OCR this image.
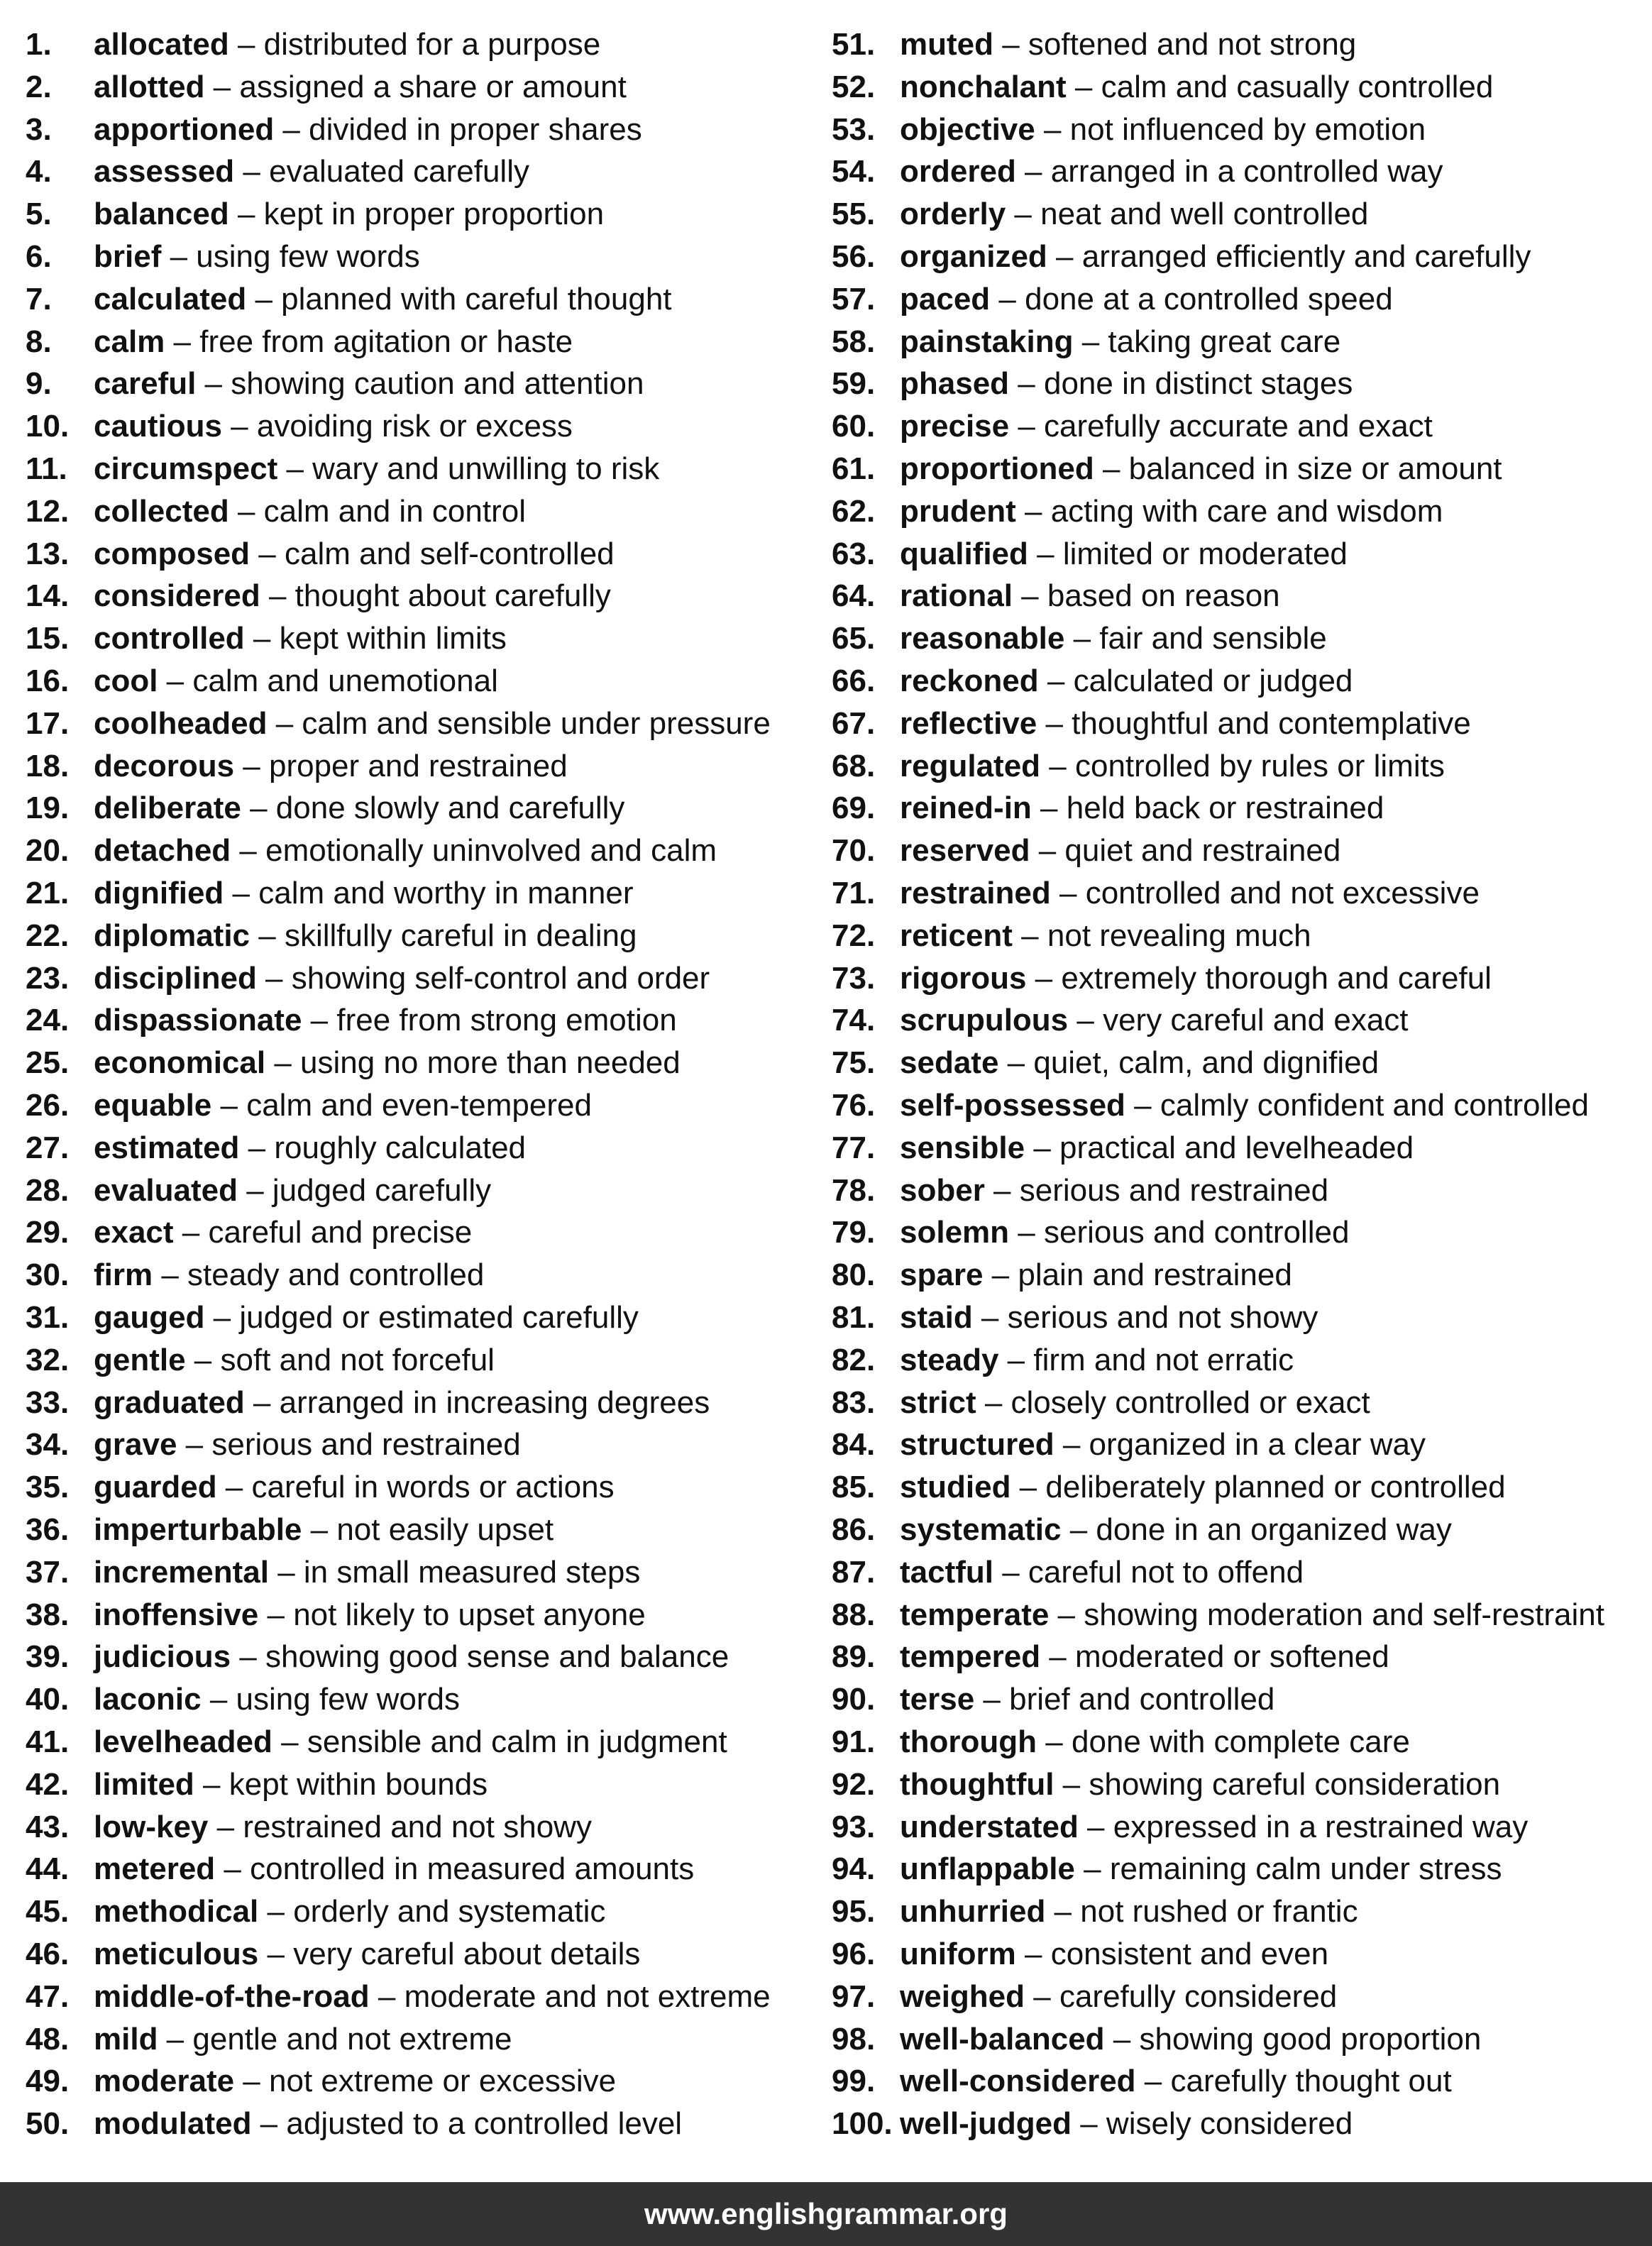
1. allocated – distributed for a purpose
2. allotted – assigned a share or amount
3. apportioned – divided in proper shares
4. assessed – evaluated carefully
5. balanced – kept in proper proportion
6. brief – using few words
7. calculated – planned with careful thought
8. calm – free from agitation or haste
9. careful – showing caution and attention
10. cautious – avoiding risk or excess
11. circumspect – wary and unwilling to risk
12. collected – calm and in control
13. composed – calm and self-controlled
14. considered – thought about carefully
15. controlled – kept within limits
16. cool – calm and unemotional
17. coolheaded – calm and sensible under pressure
18. decorous – proper and restrained
19. deliberate – done slowly and carefully
20. detached – emotionally uninvolved and calm
21. dignified – calm and worthy in manner
22. diplomatic – skillfully careful in dealing
23. disciplined – showing self-control and order
24. dispassionate – free from strong emotion
25. economical – using no more than needed
26. equable – calm and even-tempered
27. estimated – roughly calculated
28. evaluated – judged carefully
29. exact – careful and precise
30. firm – steady and controlled
31. gauged – judged or estimated carefully
32. gentle – soft and not forceful
33. graduated – arranged in increasing degrees
34. grave – serious and restrained
35. guarded – careful in words or actions
36. imperturbable – not easily upset
37. incremental – in small measured steps
38. inoffensive – not likely to upset anyone
39. judicious – showing good sense and balance
40. laconic – using few words
41. levelheaded – sensible and calm in judgment
42. limited – kept within bounds
43. low-key – restrained and not showy
44. metered – controlled in measured amounts
45. methodical – orderly and systematic
46. meticulous – very careful about details
47. middle-of-the-road – moderate and not extreme
48. mild – gentle and not extreme
49. moderate – not extreme or excessive
50. modulated – adjusted to a controlled level
51. muted – softened and not strong
52. nonchalant – calm and casually controlled
53. objective – not influenced by emotion
54. ordered – arranged in a controlled way
55. orderly – neat and well controlled
56. organized – arranged efficiently and carefully
57. paced – done at a controlled speed
58. painstaking – taking great care
59. phased – done in distinct stages
60. precise – carefully accurate and exact
61. proportioned – balanced in size or amount
62. prudent – acting with care and wisdom
63. qualified – limited or moderated
64. rational – based on reason
65. reasonable – fair and sensible
66. reckoned – calculated or judged
67. reflective – thoughtful and contemplative
68. regulated – controlled by rules or limits
69. reined-in – held back or restrained
70. reserved – quiet and restrained
71. restrained – controlled and not excessive
72. reticent – not revealing much
73. rigorous – extremely thorough and careful
74. scrupulous – very careful and exact
75. sedate – quiet, calm, and dignified
76. self-possessed – calmly confident and controlled
77. sensible – practical and levelheaded
78. sober – serious and restrained
79. solemn – serious and controlled
80. spare – plain and restrained
81. staid – serious and not showy
82. steady – firm and not erratic
83. strict – closely controlled or exact
84. structured – organized in a clear way
85. studied – deliberately planned or controlled
86. systematic – done in an organized way
87. tactful – careful not to offend
88. temperate – showing moderation and self-restraint
89. tempered – moderated or softened
90. terse – brief and controlled
91. thorough – done with complete care
92. thoughtful – showing careful consideration
93. understated – expressed in a restrained way
94. unflappable – remaining calm under stress
95. unhurried – not rushed or frantic
96. uniform – consistent and even
97. weighed – carefully considered
98. well-balanced – showing good proportion
99. well-considered – carefully thought out
100. well-judged – wisely considered
www.englishgrammar.org
